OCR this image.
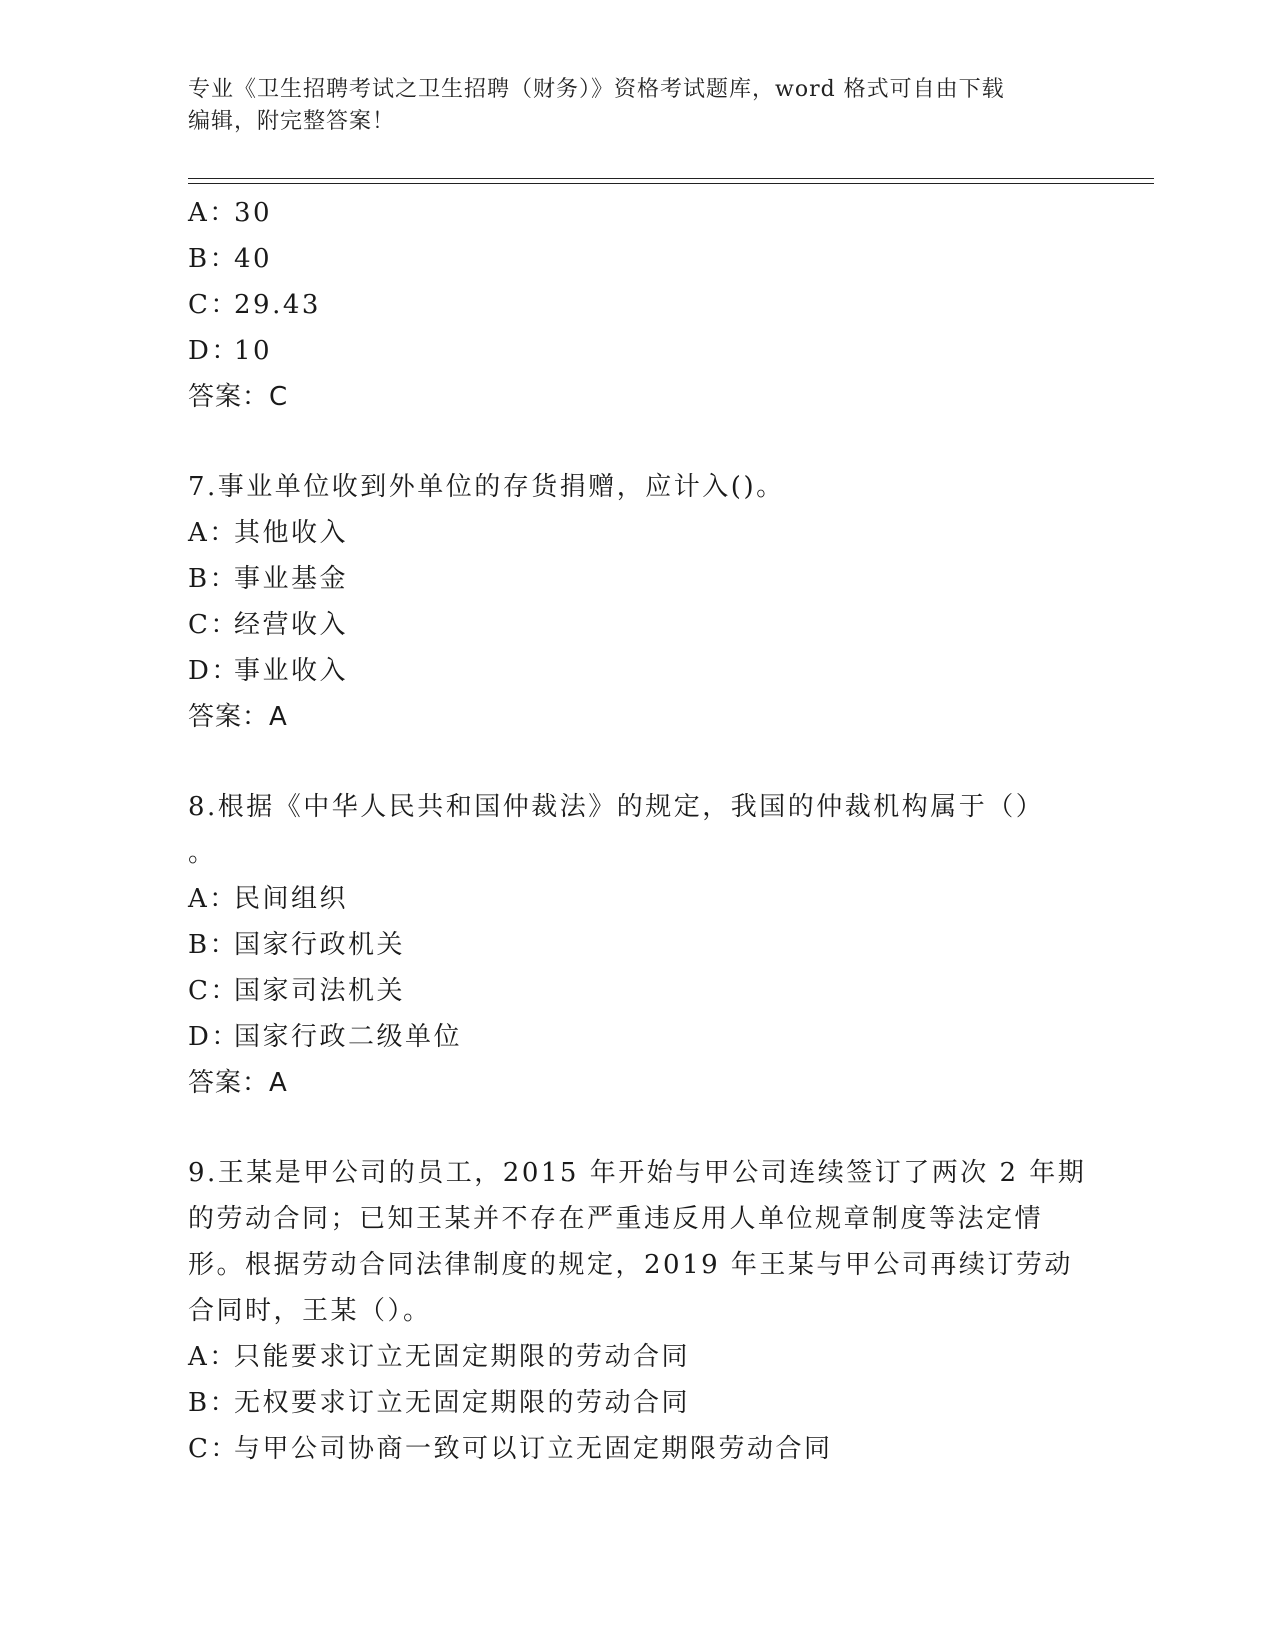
专业《卫生招聘考试之卫生招聘（财务）》资格考试题库，word 格式可自由下载
编辑，附完整答案！
A：
30
B：
40
C：
29.43
D：
10
答案：C
7.事业单位收到外单位的存货捐赠，应计入()。
A：
其他收入
B：
事业基金
C：
经营收入
D：
事业收入
答案：A
8.根据《中华人民共和国仲裁法》的规定，我国的仲裁机构属于（）
。
A：
民间组织
B：
国家行政机关
C：
国家司法机关
D：
国家行政二级单位
答案：A
9.王某是甲公司的员工，2015 年开始与甲公司连续签订了两次 2 年期
的劳动合同；已知王某并不存在严重违反用人单位规章制度等法定情
形。根据劳动合同法律制度的规定，2019 年王某与甲公司再续订劳动
合同时，王某（）。
A：
只能要求订立无固定期限的劳动合同
B：
无权要求订立无固定期限的劳动合同
C：
与甲公司协商一致可以订立无固定期限劳动合同
